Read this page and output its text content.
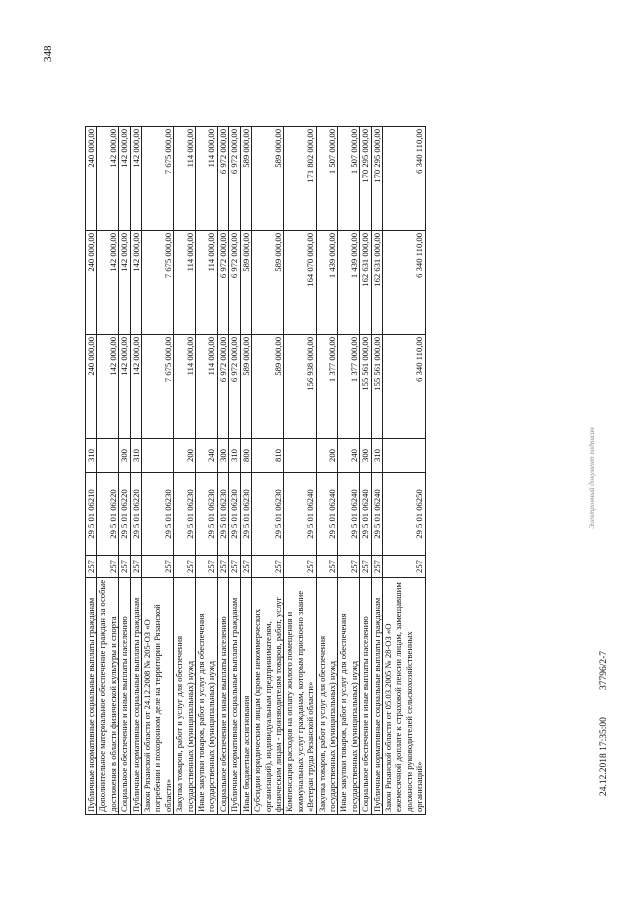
348
Публичные нормативные социальные выплаты гражданам	257	29 5 01 06210	310	240 000,00	240 000,00	240 000,00
Дополнительное материальное обеспечение граждан за особые достижения в области физической культуры и спорта	257	29 5 01 06220		142 000,00	142 000,00	142 000,00
Социальное обеспечение и иные выплаты населению	257	29 5 01 06220	300	142 000,00	142 000,00	142 000,00
Публичные нормативные социальные выплаты гражданам	257	29 5 01 06220	310	142 000,00	142 000,00	142 000,00
Закон Рязанской области от 24.12.2008 № 205-ОЗ «О погребении и похоронном деле на территории Рязанской области»	257	29 5 01 06230		7 675 000,00	7 675 000,00	7 675 000,00
Закупка товаров, работ и услуг для обеспечения государственных (муниципальных) нужд	257	29 5 01 06230	200	114 000,00	114 000,00	114 000,00
Иные закупки товаров, работ и услуг для обеспечения государственных (муниципальных) нужд	257	29 5 01 06230	240	114 000,00	114 000,00	114 000,00
Социальное обеспечение и иные выплаты населению	257	29 5 01 06230	300	6 972 000,00	6 972 000,00	6 972 000,00
Публичные нормативные социальные выплаты гражданам	257	29 5 01 06230	310	6 972 000,00	6 972 000,00	6 972 000,00
Иные бюджетные ассигнования	257	29 5 01 06230	800	589 000,00	589 000,00	589 000,00
Субсидии юридическим лицам (кроме некоммерческих организаций), индивидуальным предпринимателям, физическим лицам - производителям товаров, работ, услуг	257	29 5 01 06230	810	589 000,00	589 000,00	589 000,00
Компенсация расходов на оплату жилого помещения и коммунальных услуг гражданам, которым присвоено звание «Ветеран труда Рязанской области»	257	29 5 01 06240		156 938 000,00	164 070 000,00	171 802 000,00
Закупка товаров, работ и услуг для обеспечения государственных (муниципальных) нужд	257	29 5 01 06240	200	1 377 000,00	1 439 000,00	1 507 000,00
Иные закупки товаров, работ и услуг для обеспечения государственных (муниципальных) нужд	257	29 5 01 06240	240	1 377 000,00	1 439 000,00	1 507 000,00
Социальное обеспечение и иные выплаты населению	257	29 5 01 06240	300	155 561 000,00	162 631 000,00	170 295 000,00
Публичные нормативные социальные выплаты гражданам	257	29 5 01 06240	310	155 561 000,00	162 631 000,00	170 295 000,00
Закон Рязанской области от 05.03.2005 № 28-ОЗ «О ежемесячной доплате к страховой пенсии лицам, замещавшим должности руководителей сельскохозяйственных организаций»	257	29 5 01 06250		6 340 110,00	6 340 110,00	6 340 110,00
24.12.2018 17:35:00
37796/2-7
Электронный документ подписан
